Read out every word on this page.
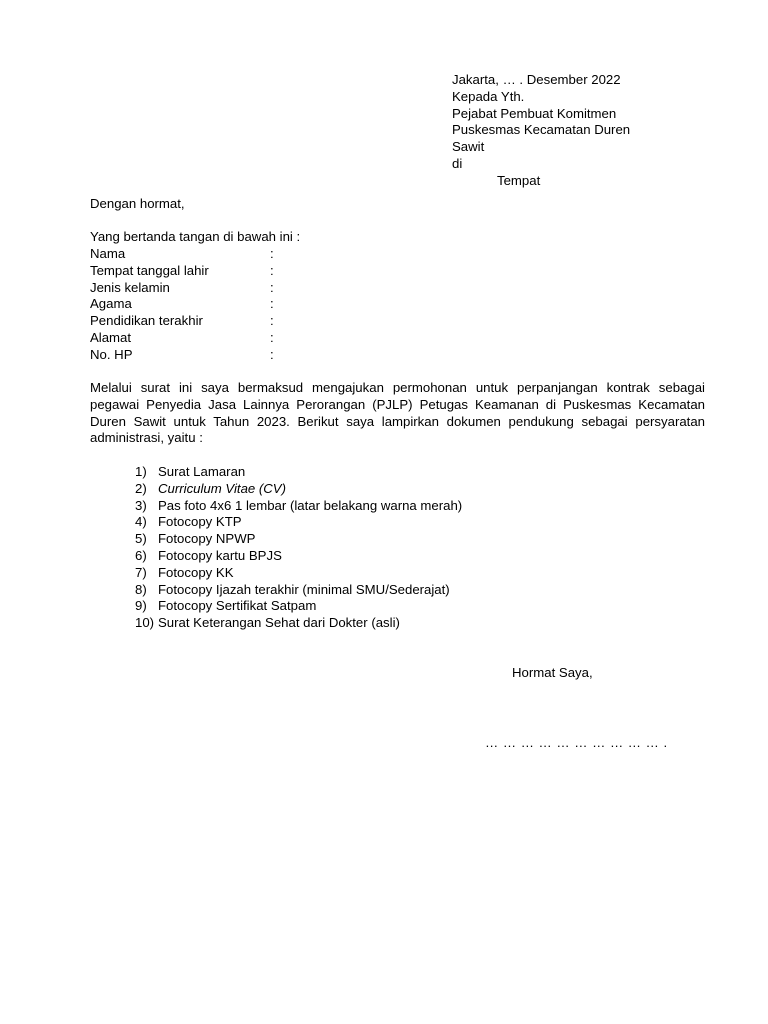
Jakarta, … . Desember 2022
Kepada Yth.
Pejabat Pembuat Komitmen
Puskesmas Kecamatan Duren
Sawit
di
Tempat
Dengan hormat,
Yang bertanda tangan di bawah ini :
Nama	:
Tempat tanggal lahir	:
Jenis kelamin	:
Agama	:
Pendidikan terakhir	:
Alamat	:
No. HP	:
Melalui surat ini saya bermaksud mengajukan permohonan untuk perpanjangan kontrak sebagai pegawai Penyedia Jasa Lainnya Perorangan (PJLP) Petugas Keamanan di Puskesmas Kecamatan Duren Sawit untuk Tahun 2023. Berikut saya lampirkan dokumen pendukung sebagai persyaratan administrasi, yaitu :
1) Surat Lamaran
2) Curriculum Vitae (CV)
3) Pas foto 4x6 1 lembar (latar belakang warna merah)
4) Fotocopy KTP
5) Fotocopy NPWP
6) Fotocopy kartu BPJS
7) Fotocopy KK
8) Fotocopy Ijazah terakhir (minimal SMU/Sederajat)
9) Fotocopy Sertifikat Satpam
10) Surat Keterangan Sehat dari Dokter (asli)
Hormat Saya,
… … … … … … … … … … .
